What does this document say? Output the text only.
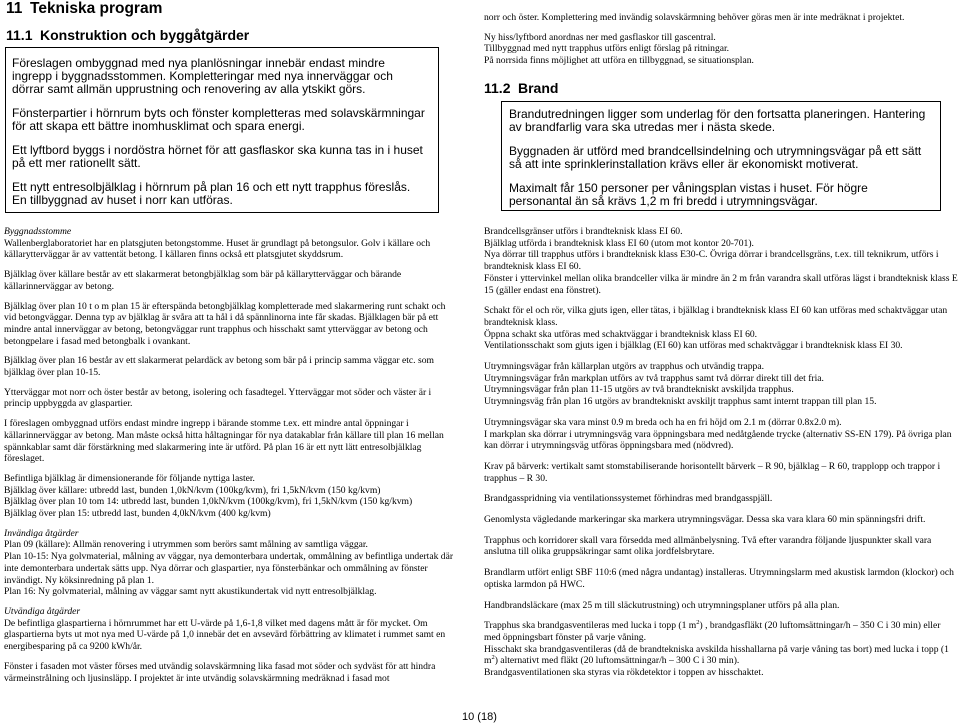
11 Tekniska program
11.1 Konstruktion och byggåtgärder

Föreslagen ombyggnad med nya planlösningar innebär endast mindre ingrepp i byggnadsstommen. Kompletteringar med nya innerväggar och dörrar samt allmän upprustning och renovering av alla ytskikt görs.

Fönsterpartier i hörnrum byts och fönster kompletteras med solavskärmningar för att skapa ett bättre inomhusklimat och spara energi.

Ett lyftbord byggs i nordöstra hörnet för att gasflaskor ska kunna tas in i huset på ett mer rationellt sätt.

Ett nytt entresolbjälklag i hörnrum på plan 16 och ett nytt trapphus föreslås. En tillbyggnad av huset i norr kan utföras.

norr och öster. Komplettering med invändig solavskärmning behöver göras men är inte medräknat i projektet.

Ny hiss/lyftbord anordnas ner med gasflaskor till gascentral.

Tillbyggnad med nytt trapphus utförs enligt förslag på ritningar.

På norrsida finns möjlighet att utföra en tillbyggnad, se situationsplan.

11.2 Brand

Brandutredningen ligger som underlag för den fortsatta planeringen. Hantering av brandfarlig vara ska utredas mer i nästa skede.

Byggnaden är utförd med brandcellsindelning och utrymningsvägar på ett sätt så att inte sprinklerinstallation krävs eller är ekonomiskt motiverat.

Maximalt får 150 personer per våningsplan vistas i huset. För högre personantal än så krävs 1,2 m fri bredd i utrymningsvägar.

Byggnadsstomme

Wallenberglaboratoriet har en platsgjuten betongstomme. Huset är grundlagt på betongsulor. Golv i källare och källarytterväggar är av vattentät betong. I källaren finns också ett platsgjutet skyddsrum.

Bjälklag över källare består av ett slakarmerat betongbjälklag som bär på källarytterväggar och bärande källarinnerväggar av betong.

Bjälklag över plan 10 t o m plan 15 är efterspända betongbjälklag kompletterade med slakarmering runt schakt och vid betongväggar. Denna typ av bjälklag är svåra att ta hål i då spännlinorna inte får skadas. Bjälklagen bär på ett mindre antal innerväggar av betong, betongväggar runt trapphus och hisschakt samt ytterväggar av betong och betongpelare i fasad med betongbalk i ovankant.

Bjälklag över plan 16 består av ett slakarmerat pelardäck av betong som bär på i princip samma väggar etc. som bjälklag över plan 10-15.

Ytterväggar mot norr och öster består av betong, isolering och fasadtegel. Ytterväggar mot söder och väster är i princip uppbyggda av glaspartier.

I föreslagen ombyggnad utförs endast mindre ingrepp i bärande stomme t.ex. ett mindre antal öppningar i källarinnerväggar av betong. Man måste också hitta håltagningar för nya datakablar från källare till plan 16 mellan spännkablar samt där förstärkning med slakarmering inte är utförd. På plan 16 är ett nytt lätt entresolbjälklag föreslaget.

Befintliga bjälklag är dimensionerande för följande nyttiga laster.

Bjälklag över källare: utbredd last, bunden 1,0kN/kvm (100kg/kvm), fri 1,5kN/kvm (150 kg/kvm)

Bjälklag över plan 10 tom 14: utbredd last, bunden 1,0kN/kvm (100kg/kvm), fri 1,5kN/kvm (150 kg/kvm)

Bjälklag över plan 15: utbredd last, bunden 4,0kN/kvm (400 kg/kvm)

Invändiga åtgärder

Plan 09 (källare): Allmän renovering i utrymmen som berörs samt målning av samtliga väggar.

Plan 10-15: Nya golvmaterial, målning av väggar, nya demonterbara undertak, ommålning av befintliga undertak där inte demonterbara undertak sätts upp. Nya dörrar och glaspartier, nya fönsterbänkar och ommålning av fönster invändigt. Ny köksinredning på plan 1.

Plan 16: Ny golvmaterial, målning av väggar samt nytt akustikundertak vid nytt entresolbjälklag.

Utvändiga åtgärder

De befintliga glaspartierna i hörnrummet har ett U-värde på 1,6-1,8 vilket med dagens mått är för mycket. Om glaspartierna byts ut mot nya med U-värde på 1,0 innebär det en avsevärd förbättring av klimatet i rummet samt en energibesparing på ca 9200 kWh/år.

Fönster i fasaden mot väster förses med utvändig solavskärmning lika fasad mot söder och sydväst för att hindra värmeinstrålning och ljusinsläpp. I projektet är inte utvändig solavskärmning medräknad i fasad mot

Brandcellsgränser utförs i brandteknisk klass EI 60.

Bjälklag utförda i brandteknisk klass EI 60 (utom mot kontor 20-701).

Nya dörrar till trapphus utförs i brandteknisk klass E30-C. Övriga dörrar i brandcellsgräns, t.ex. till teknikrum, utförs i brandteknisk klass EI 60.

Fönster i yttervinkel mellan olika brandceller vilka är mindre än 2 m från varandra skall utföras lägst i brandteknisk klass E 15 (gäller endast ena fönstret).

Schakt för el och rör, vilka gjuts igen, eller tätas, i bjälklag i brandteknisk klass EI 60 kan utföras med schaktväggar utan brandteknisk klass.

Öppna schakt ska utföras med schaktväggar i brandteknisk klass EI 60.

Ventilationsschakt som gjuts igen i bjälklag (EI 60) kan utföras med schaktväggar i brandteknisk klass EI 30.

Utrymningsvägar från källarplan utgörs av trapphus och utvändig trappa.

Utrymningsvägar från markplan utförs av två trapphus samt två dörrar direkt till det fria.

Utrymningsvägar från plan 11-15 utgörs av två brandtekniskt avskiljda trapphus.

Utrymningsväg från plan 16 utgörs av brandtekniskt avskiljt trapphus samt internt trappan till plan 15.

Utrymningsvägar ska vara minst 0.9 m breda och ha en fri höjd om 2.1 m (dörrar 0.8x2.0 m).

I markplan ska dörrar i utrymningsväg vara öppningsbara med nedåtgående trycke (alternativ SS-EN 179). På övriga plan kan dörrar i utrymningsväg utföras öppningsbara med (nödvred).

Krav på bärverk: vertikalt samt stomstabiliserande horisontellt bärverk – R 90, bjälklag – R 60, trapplopp och trappor i trapphus – R 30.

Brandgasspridning via ventilationssystemet förhindras med brandgasspjäll.

Genomlysta vägledande markeringar ska markera utrymningsvägar. Dessa ska vara klara 60 min spänningsfri drift.

Trapphus och korridorer skall vara försedda med allmänbelysning. Två efter varandra följande ljuspunkter skall vara anslutna till olika gruppsäkringar samt olika jordfelsbrytare.

Brandlarm utfört enligt SBF 110:6 (med några undantag) installeras. Utrymningslarm med akustisk larmdon (klockor) och optiska larmdon på HWC.

Handbrandsläckare (max 25 m till släckutrustning) och utrymningsplaner utförs på alla plan.

Trapphus ska brandgasventileras med lucka i topp (1 $m^2$) , brandgasfläkt (20 luftomsättningar/h – 350 C i 30 min) eller med öppningsbart fönster på varje våning.

Hisschakt ska brandgasventileras (då de brandtekniska avskilda hisshallarna på varje våning tas bort) med lucka i topp (1 $m^2$) alternativt med fläkt (20 luftomsättningar/h – 300 C i 30 min).

Brandgasventilationen ska styras via rökdetektor i toppen av hisschaktet.

10 (18)
